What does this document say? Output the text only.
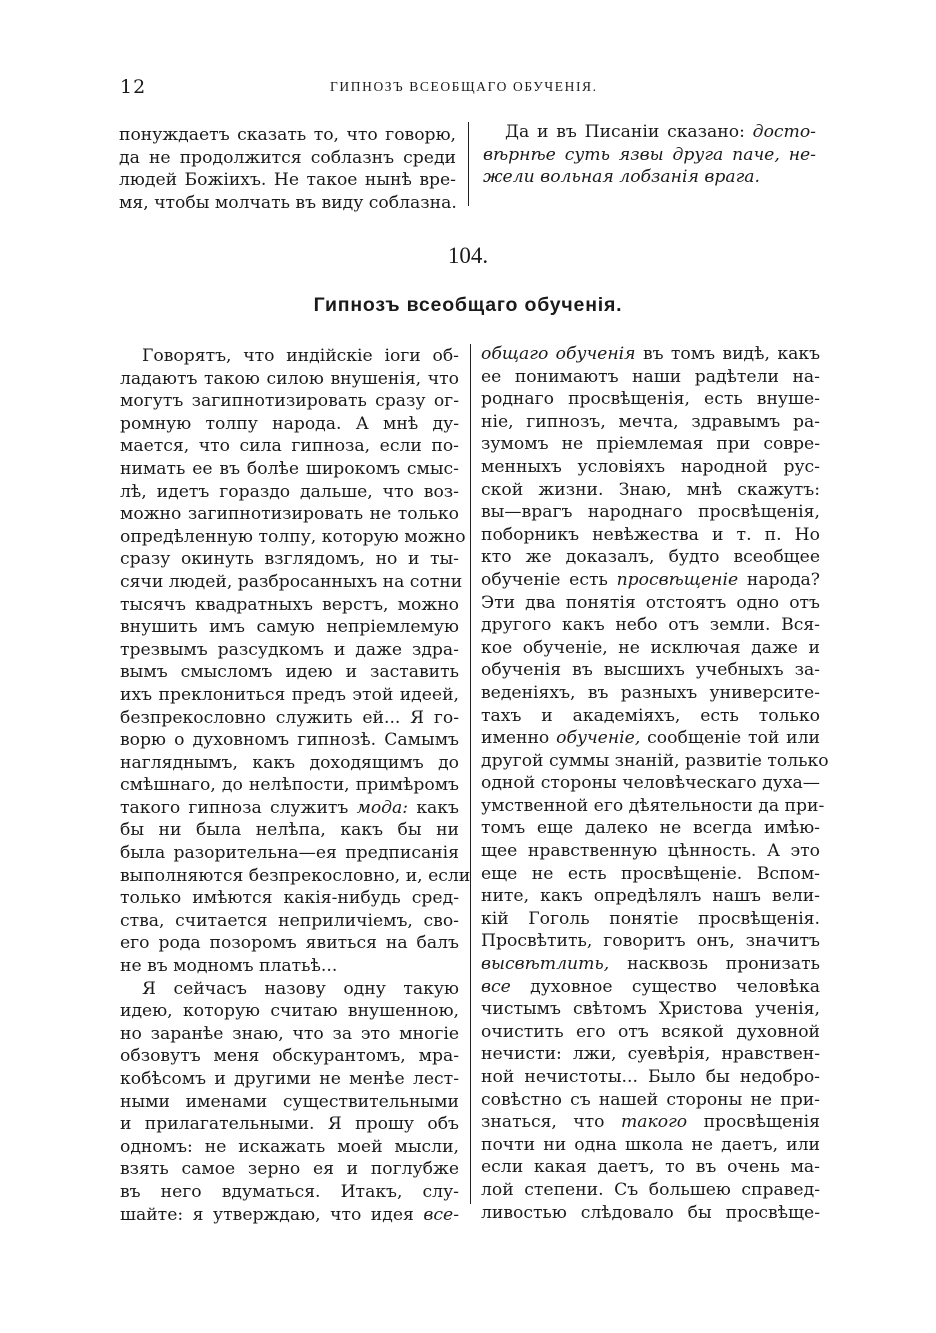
12	ГИПНОЗЪ ВСЕОБЩАГО ОБУЧЕНІЯ.
понуждаетъ сказать то, что говорю,
да не продолжится соблазнъ среди
людей Божіихъ. Не такое нынѣ вре-
мя, чтобы молчать въ виду соблазна.
Да и въ Писаніи сказано: досто-
вѣрнѣе суть язвы друга паче, не-
жели вольная лобзанія врага.
104.
Гипнозъ всеобщаго обученія.
Говорятъ, что индійскіе іоги об-
ладаютъ такою силою внушенія, что
могутъ загипнотизировать сразу ог-
ромную толпу народа. А мнѣ ду-
мается, что сила гипноза, если по-
нимать ее въ болѣе широкомъ смыс-
лѣ, идетъ гораздо дальше, что воз-
можно загипнотизировать не только
опредѣленную толпу, которую можно
сразу окинуть взглядомъ, но и ты-
сячи людей, разбросанныхъ на сотни
тысячъ квадратныхъ верстъ, можно
внушить имъ самую непріемлемую
трезвымъ разсудкомъ и даже здра-
вымъ смысломъ идею и заставить
ихъ преклониться предъ этой идеей,
безпрекословно служить ей... Я го-
ворю о духовномъ гипнозѣ. Самымъ
нагляднымъ, какъ доходящимъ до
смѣшнаго, до нелѣпости, примѣромъ
такого гипноза служитъ мода: какъ
бы ни была нелѣпа, какъ бы ни
была разорительна—ея предписанія
выполняются безпрекословно, и, если
только имѣются какія-нибудь сред-
ства, считается неприличіемъ, сво-
его рода позоромъ явиться на балъ
не въ модномъ платьѣ...
Я сейчасъ назову одну такую
идею, которую считаю внушенною,
но заранѣе знаю, что за это многіе
обзовутъ меня обскурантомъ, мра-
кобѣсомъ и другими не менѣе лест-
ными именами существительными
и прилагательными. Я прошу объ
одномъ: не искажать моей мысли,
взять самое зерно ея и поглубже
въ него вдуматься. Итакъ, слу-
шайте: я утверждаю, что идея все-
общаго обученія въ томъ видѣ, какъ
ее понимаютъ наши радѣтели на-
роднаго просвѣщенія, есть внуше-
ніе, гипнозъ, мечта, здравымъ ра-
зумомъ не пріемлемая при совре-
менныхъ условіяхъ народной рус-
ской жизни. Знаю, мнѣ скажутъ:
вы—врагъ народнаго просвѣщенія,
поборникъ невѣжества и т. п. Но
кто же доказалъ, будто всеобщее
обученіе есть просвѣщеніе народа?
Эти два понятія отстоятъ одно отъ
другого какъ небо отъ земли. Вся-
кое обученіе, не исключая даже и
обученія въ высшихъ учебныхъ за-
веденіяхъ, въ разныхъ университе-
тахъ и академіяхъ, есть только
именно обученіе, сообщеніе той или
другой суммы знаній, развитіе только
одной стороны человѣческаго духа—
умственной его дѣятельности да при-
томъ еще далеко не всегда имѣю-
щее нравственную цѣнность. А это
еще не есть просвѣщеніе. Вспом-
ните, какъ опредѣлялъ нашъ вели-
кій Гоголь понятіе просвѣщенія.
Просвѣтить, говоритъ онъ, значитъ
высвѣтлить, насквозь пронизать
все духовное существо человѣка
чистымъ свѣтомъ Христова ученія,
очистить его отъ всякой духовной
нечисти: лжи, суевѣрія, нравствен-
ной нечистоты... Было бы недобро-
совѣстно съ нашей стороны не при-
знаться, что такого просвѣщенія
почти ни одна школа не даетъ, или
если какая даетъ, то въ очень ма-
лой степени. Съ большею справед-
ливостью слѣдовало бы просвѣще-
